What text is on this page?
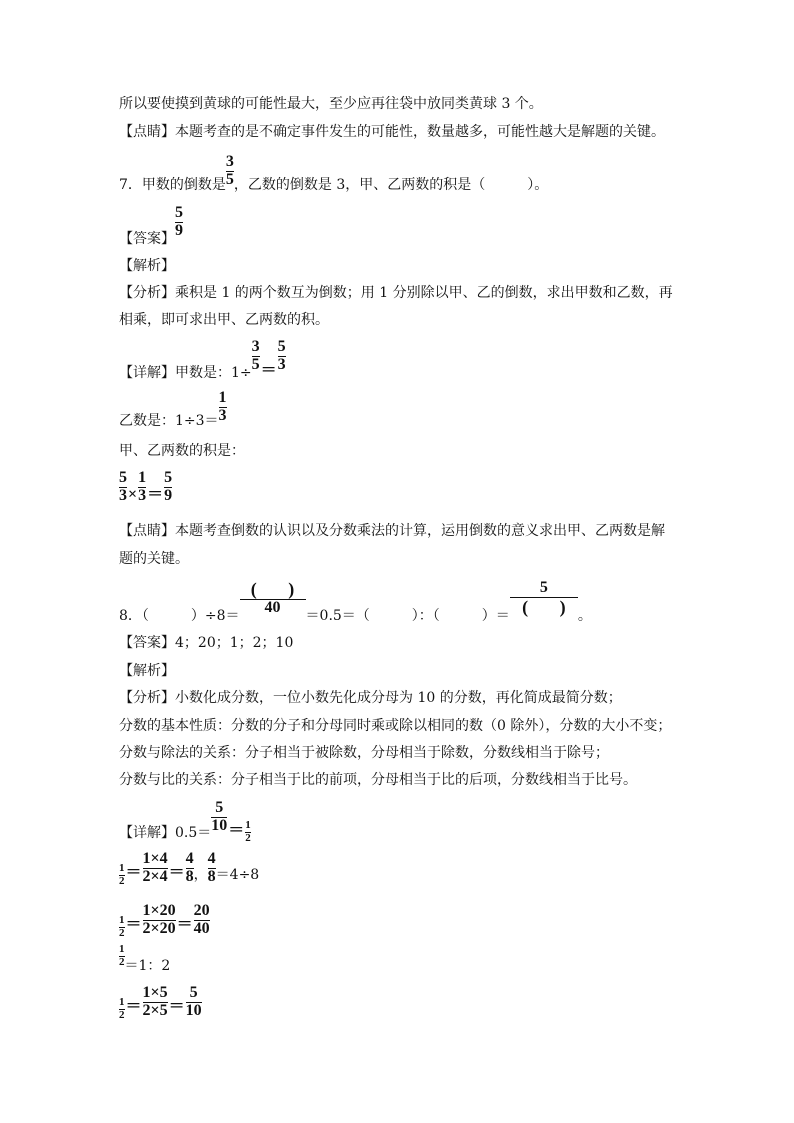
所以要使摸到黄球的可能性最大，至少应再往袋中放同类黄球 3 个。
【点睛】本题考查的是不确定事件发生的可能性，数量越多，可能性越大是解题的关键。
7．甲数的倒数是 $\frac{3}{5}$ ，乙数的倒数是 3，甲、乙两数的积是（　　　）。
【答案】 $\frac{5}{9}$
【解析】
【分析】乘积是 1 的两个数互为倒数；用 1 分别除以甲、乙的倒数，求出甲数和乙数，再
相乘，即可求出甲、乙两数的积。
【详解】甲数是：$1\div \frac{3}{5} = \frac{5}{3}$
乙数是：$1\div 3= \frac{1}{3}$
甲、乙两数的积是：
$\frac{5}{3} \times \frac{1}{3} = \frac{5}{9}$
【点睛】本题考查倒数的认识以及分数乘法的计算，运用倒数的意义求出甲、乙两数是解
题的关键。
8．（　　　）$\div 8= \frac{( )}{40} =0.5=$（　　　）：（　　　）＝ $\frac{5}{( )}$ 。
【答案】4；20；1；2；10
【解析】
【分析】小数化成分数，一位小数先化成分母为 10 的分数，再化简成最简分数；
分数的基本性质：分数的分子和分母同时乘或除以相同的数（0 除外），分数的大小不变；
分数与除法的关系：分子相当于被除数，分母相当于除数，分数线相当于除号；
分数与比的关系：分子相当于比的前项，分母相当于比的后项，分数线相当于比号。
【详解】$0.5= \frac{5}{10} = \frac{1}{2}$
$\frac{1}{2} = \frac{1\times 4}{2\times 4} = \frac{4}{8}$ ， $\frac{4}{8} =4\div 8$
$\frac{1}{2} = \frac{1\times 20}{2\times 20} = \frac{20}{40}$
$\frac{1}{2} =1$：2
$\frac{1}{2} = \frac{1\times 5}{2\times 5} = \frac{5}{10}$
